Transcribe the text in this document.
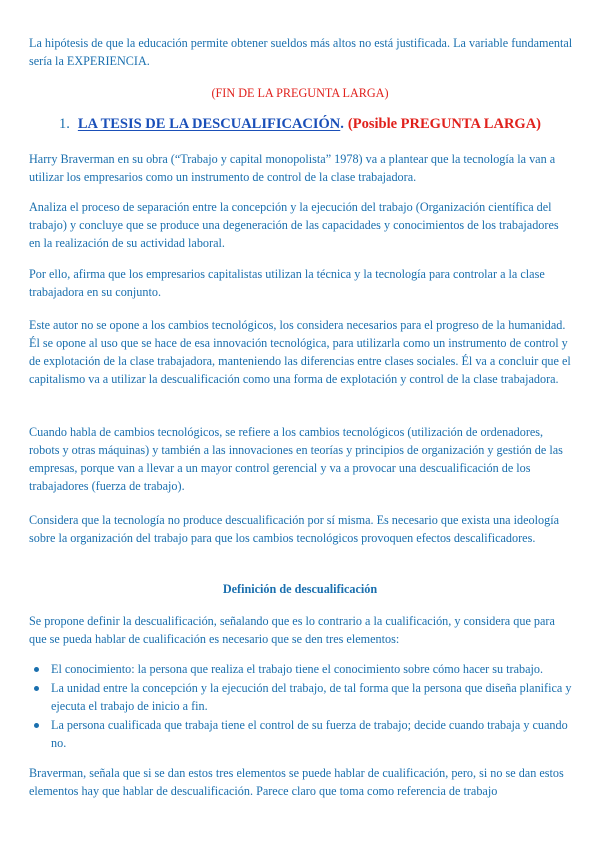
La hipótesis de que la educación permite obtener sueldos más altos no está justificada. La variable fundamental sería la EXPERIENCIA.
(FIN DE LA PREGUNTA LARGA)
1. LA TESIS DE LA DESCUALIFICACIÓN. (Posible PREGUNTA LARGA)
Harry Braverman en su obra (“Trabajo y capital monopolista” 1978) va a plantear que la tecnología la van a utilizar los empresarios como un instrumento de control de la clase trabajadora.
Analiza el proceso de separación entre la concepción y la ejecución del trabajo (Organización científica del trabajo) y concluye que se produce una degeneración de las capacidades y conocimientos de los trabajadores en la realización de su actividad laboral.
Por ello, afirma que los empresarios capitalistas utilizan la técnica y la tecnología para controlar a la clase trabajadora en su conjunto.
Este autor no se opone a los cambios tecnológicos, los considera necesarios para el progreso de la humanidad. Él se opone al uso que se hace de esa innovación tecnológica, para utilizarla como un instrumento de control y de explotación de la clase trabajadora, manteniendo las diferencias entre clases sociales. Él va a concluir que el capitalismo va a utilizar la descualificación como una forma de explotación y control de la clase trabajadora.
Cuando habla de cambios tecnológicos, se refiere a los cambios tecnológicos (utilización de ordenadores, robots y otras máquinas) y también a las innovaciones en teorías y principios de organización y gestión de las empresas, porque van a llevar a un mayor control gerencial y va a provocar una descualificación de los trabajadores (fuerza de trabajo).
Considera que la tecnología no produce descualificación por sí misma. Es necesario que exista una ideología sobre la organización del trabajo para que los cambios tecnológicos provoquen efectos descalificadores.
Definición de descualificación
Se propone definir la descualificación, señalando que es lo contrario a la cualificación, y considera que para que se pueda hablar de cualificación es necesario que se den tres elementos:
El conocimiento: la persona que realiza el trabajo tiene el conocimiento sobre cómo hacer su trabajo.
La unidad entre la concepción y la ejecución del trabajo, de tal forma que la persona que diseña planifica y ejecuta el trabajo de inicio a fin.
La persona cualificada que trabaja tiene el control de su fuerza de trabajo; decide cuando trabaja y cuando no.
Braverman, señala que si se dan estos tres elementos se puede hablar de cualificación, pero, si no se dan estos elementos hay que hablar de descualificación. Parece claro que toma como referencia de trabajo
